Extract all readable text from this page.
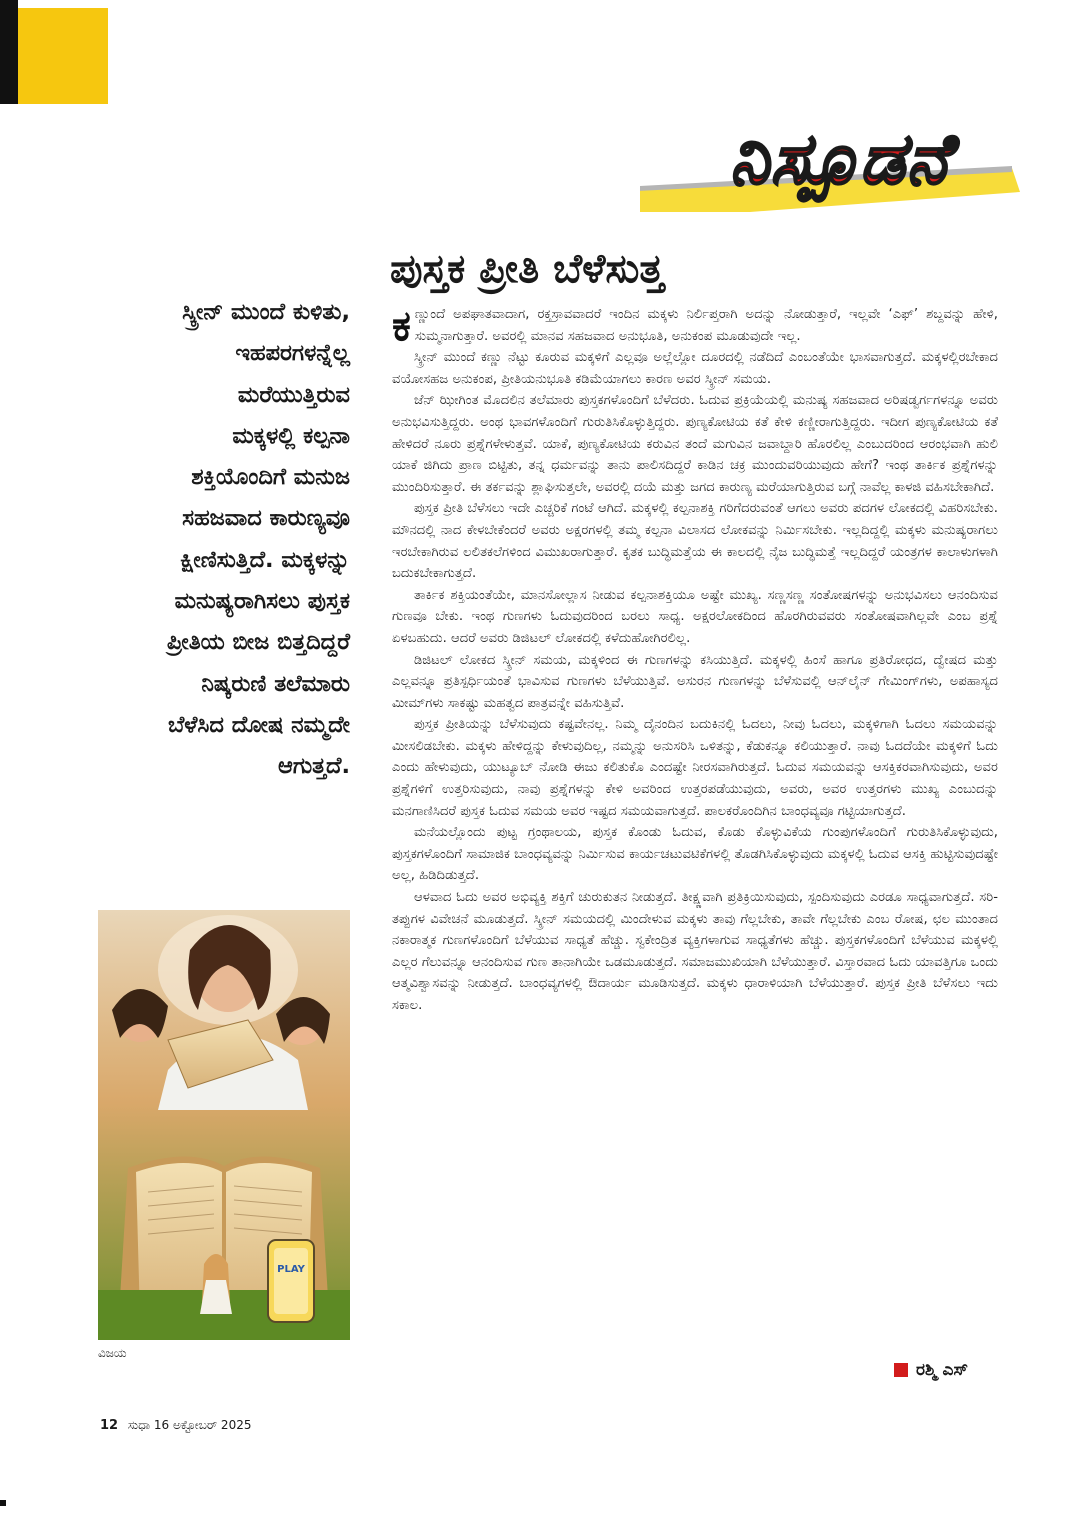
ನಿಸ್ಪೂಡನೆ
ಪುಸ್ತಕ ಪ್ರೀತಿ ಬೆಳೆಸುತ್ತ
ಸ್ಕ್ರೀನ್ ಮುಂದೆ ಕುಳಿತು,
ಇಹಪರಗಳನ್ನೆಲ್ಲ
ಮರೆಯುತ್ತಿರುವ
ಮಕ್ಕಳಲ್ಲಿ ಕಲ್ಪನಾ
ಶಕ್ತಿಯೊಂದಿಗೆ ಮನುಜ
ಸಹಜವಾದ ಕಾರುಣ್ಯವೂ
ಕ್ಷೀಣಿಸುತ್ತಿದೆ. ಮಕ್ಕಳನ್ನು
ಮನುಷ್ಯರಾಗಿಸಲು ಪುಸ್ತಕ
ಪ್ರೀತಿಯ ಬೀಜ ಬಿತ್ತದಿದ್ದರೆ
ನಿಷ್ಕರುಣಿ ತಲೆಮಾರು
ಬೆಳೆಸಿದ ದೋಷ ನಮ್ಮದೇ
ಆಗುತ್ತದೆ.

ಕ ಣ್ಣುಂದೆ ಅಪಘಾತವಾದಾಗ, ರಕ್ತಸ್ರಾವವಾದರೆ ಇಂದಿನ ಮಕ್ಕಳು ನಿರ್ಲಿಪ್ತರಾಗಿ ಅದನ್ನು ನೋಡುತ್ತಾರೆ, ಇಲ್ಲವೇ ‘ಎಫ್’ ಶಬ್ದವನ್ನು ಹೇಳಿ, ಸುಮ್ಮನಾಗುತ್ತಾರೆ. ಅವರಲ್ಲಿ ಮಾನವ ಸಹಜವಾದ ಅನುಭೂತಿ, ಅನುಕಂಪ ಮೂಡುವುದೇ ಇಲ್ಲ.

ಸ್ಕ್ರೀನ್ ಮುಂದೆ ಕಣ್ಣು ನೆಟ್ಟು ಕೂರುವ ಮಕ್ಕಳಿಗೆ ಎಲ್ಲವೂ ಅಲ್ಲೆಲ್ಲೋ ದೂರದಲ್ಲಿ ನಡೆದಿದೆ ಎಂಬಂತೆಯೇ ಭಾಸವಾಗುತ್ತದೆ. ಮಕ್ಕಳಲ್ಲಿರಬೇಕಾದ ವಯೋಸಹಜ ಅನುಕಂಪ, ಪ್ರೀತಿಯನುಭೂತಿ ಕಡಿಮೆಯಾಗಲು ಕಾರಣ ಅವರ ಸ್ಕ್ರೀನ್ ಸಮಯ.

ಜೆನ್ ಝೀಗಿಂತ ಮೊದಲಿನ ತಲೆಮಾರು ಪುಸ್ತಕಗಳೊಂದಿಗೆ ಬೆಳೆದರು. ಓದುವ ಪ್ರಕ್ರಿಯೆಯಲ್ಲಿ ಮನುಷ್ಯ ಸಹಜವಾದ ಅರಿಷಡ್ವರ್ಗಗಳನ್ನೂ ಅವರು ಅನುಭವಿಸುತ್ತಿದ್ದರು. ಅಂಥ ಭಾವಗಳೊಂದಿಗೆ ಗುರುತಿಸಿಕೊಳ್ಳುತ್ತಿದ್ದರು. ಪುಣ್ಯಕೋಟಿಯ ಕತೆ ಕೇಳಿ ಕಣ್ಣೀರಾಗುತ್ತಿದ್ದರು. ಇದೀಗ ಪುಣ್ಯಕೋಟಿಯ ಕತೆ ಹೇಳಿದರೆ ನೂರು ಪ್ರಶ್ನೆಗಳೇಳುತ್ತವೆ. ಯಾಕೆ, ಪುಣ್ಯಕೋಟಿಯ ಕರುವಿನ ತಂದೆ ಮಗುವಿನ ಜವಾಬ್ದಾರಿ ಹೊರಲಿಲ್ಲ ಎಂಬುದರಿಂದ ಆರಂಭವಾಗಿ ಹುಲಿ ಯಾಕೆ ಜಿಗಿದು ಪ್ರಾಣ ಬಿಟ್ಟಿತು, ತನ್ನ ಧರ್ಮವನ್ನು ತಾನು ಪಾಲಿಸದಿದ್ದರೆ ಕಾಡಿನ ಚಕ್ರ ಮುಂದುವರಿಯುವುದು ಹೇಗೆ? ಇಂಥ ತಾರ್ಕಿಕ ಪ್ರಶ್ನೆಗಳನ್ನು ಮುಂದಿರಿಸುತ್ತಾರೆ. ಈ ತರ್ಕವನ್ನು ಶ್ಲಾಘಿಸುತ್ತಲೇ, ಅವರಲ್ಲಿ ದಯೆ ಮತ್ತು ಜಗದ ಕಾರುಣ್ಯ ಮರೆಯಾಗುತ್ತಿರುವ ಬಗ್ಗೆ ನಾವೆಲ್ಲ ಕಾಳಜಿ ವಹಿಸಬೇಕಾಗಿದೆ.

ಪುಸ್ತಕ ಪ್ರೀತಿ ಬೆಳೆಸಲು ಇದೇ ಎಚ್ಚರಿಕೆ ಗಂಟೆ ಆಗಿದೆ. ಮಕ್ಕಳಲ್ಲಿ ಕಲ್ಪನಾಶಕ್ತಿ ಗರಿಗೆದರುವಂತೆ ಆಗಲು ಅವರು ಪದಗಳ ಲೋಕದಲ್ಲಿ ವಿಹರಿಸಬೇಕು. ಮೌನದಲ್ಲಿ ನಾದ ಕೇಳಬೇಕೆಂದರೆ ಅವರು ಅಕ್ಷರಗಳಲ್ಲಿ ತಮ್ಮ ಕಲ್ಪನಾ ವಿಲಾಸದ ಲೋಕವನ್ನು ನಿರ್ಮಿಸಬೇಕು. ಇಲ್ಲದಿದ್ದಲ್ಲಿ ಮಕ್ಕಳು ಮನುಷ್ಯರಾಗಲು ಇರಬೇಕಾಗಿರುವ ಲಲಿತಕಲೆಗಳಿಂದ ವಿಮುಖರಾಗುತ್ತಾರೆ. ಕೃತಕ ಬುದ್ಧಿಮತ್ತೆಯ ಈ ಕಾಲದಲ್ಲಿ ನೈಜ ಬುದ್ಧಿಮತ್ತೆ ಇಲ್ಲದಿದ್ದರೆ ಯಂತ್ರಗಳ ಕಾಲಾಳುಗಳಾಗಿ ಬದುಕಬೇಕಾಗುತ್ತದೆ.

ತಾರ್ಕಿಕ ಶಕ್ತಿಯಂತೆಯೇ, ಮಾನಸೋಲ್ಲಾಸ ನೀಡುವ ಕಲ್ಪನಾಶಕ್ತಿಯೂ ಅಷ್ಟೇ ಮುಖ್ಯ. ಸಣ್ಣಸಣ್ಣ ಸಂತೋಷಗಳನ್ನು ಅನುಭವಿಸಲು ಆನಂದಿಸುವ ಗುಣವೂ ಬೇಕು. ಇಂಥ ಗುಣಗಳು ಓದುವುದರಿಂದ ಬರಲು ಸಾಧ್ಯ. ಅಕ್ಷರಲೋಕದಿಂದ ಹೊರಗಿರುವವರು ಸಂತೋಷವಾಗಿಲ್ಲವೇ ಎಂಬ ಪ್ರಶ್ನೆ ಏಳಬಹುದು. ಆದರೆ ಅವರು ಡಿಜಿಟಲ್ ಲೋಕದಲ್ಲಿ ಕಳೆದುಹೋಗಿರಲಿಲ್ಲ.

ಡಿಜಿಟಲ್ ಲೋಕದ ಸ್ಕ್ರೀನ್ ಸಮಯ, ಮಕ್ಕಳಿಂದ ಈ ಗುಣಗಳನ್ನು ಕಸಿಯುತ್ತಿದೆ. ಮಕ್ಕಳಲ್ಲಿ ಹಿಂಸೆ ಹಾಗೂ ಪ್ರತಿರೋಧದ, ದ್ವೇಷದ ಮತ್ತು ಎಲ್ಲವನ್ನೂ ಪ್ರತಿಸ್ಪರ್ಧಿಯಂತೆ ಭಾವಿಸುವ ಗುಣಗಳು ಬೆಳೆಯುತ್ತಿವೆ. ಅಸುರನ ಗುಣಗಳನ್ನು ಬೆಳೆಸುವಲ್ಲಿ ಆನ್‌ಲೈನ್ ಗೇಮಿಂಗ್‌ಗಳು, ಅಪಹಾಸ್ಯದ ಮೀಮ್‌ಗಳು ಸಾಕಷ್ಟು ಮಹತ್ವದ ಪಾತ್ರವನ್ನೇ ವಹಿಸುತ್ತಿವೆ.

ಪುಸ್ತಕ ಪ್ರೀತಿಯನ್ನು ಬೆಳೆಸುವುದು ಕಷ್ಟವೇನಲ್ಲ. ನಿಮ್ಮ ದೈನಂದಿನ ಬದುಕಿನಲ್ಲಿ ಓದಲು, ನೀವು ಓದಲು, ಮಕ್ಕಳಿಗಾಗಿ ಓದಲು ಸಮಯವನ್ನು ಮೀಸಲಿಡಬೇಕು. ಮಕ್ಕಳು ಹೇಳಿದ್ದನ್ನು ಕೇಳುವುದಿಲ್ಲ, ನಮ್ಮನ್ನು ಅನುಸರಿಸಿ ಒಳಿತನ್ನು, ಕೆಡುಕನ್ನೂ ಕಲಿಯುತ್ತಾರೆ. ನಾವು ಓದದೆಯೇ ಮಕ್ಕಳಿಗೆ ಓದು ಎಂದು ಹೇಳುವುದು, ಯುಟ್ಯೂಬ್ ನೋಡಿ ಈಜು ಕಲಿತುಕೊ ಎಂದಷ್ಟೇ ನೀರಸವಾಗಿರುತ್ತದೆ. ಓದುವ ಸಮಯವನ್ನು ಆಸಕ್ತಿಕರವಾಗಿಸುವುದು, ಅವರ ಪ್ರಶ್ನೆಗಳಿಗೆ ಉತ್ತರಿಸುವುದು, ನಾವು ಪ್ರಶ್ನೆಗಳನ್ನು ಕೇಳಿ ಅವರಿಂದ ಉತ್ತರಪಡೆಯುವುದು, ಅವರು, ಅವರ ಉತ್ತರಗಳು ಮುಖ್ಯ ಎಂಬುದನ್ನು ಮನಗಾಣಿಸಿದರೆ ಪುಸ್ತಕ ಓದುವ ಸಮಯ ಅವರ ಇಷ್ಟದ ಸಮಯವಾಗುತ್ತದೆ. ಪಾಲಕರೊಂದಿಗಿನ ಬಾಂಧವ್ಯವೂ ಗಟ್ಟಿಯಾಗುತ್ತದೆ.

ಮನೆಯಲ್ಲೊಂದು ಪುಟ್ಟ ಗ್ರಂಥಾಲಯ, ಪುಸ್ತಕ ಕೊಂಡು ಓದುವ, ಕೊಡು ಕೊಳ್ಳುವಿಕೆಯ ಗುಂಪುಗಳೊಂದಿಗೆ ಗುರುತಿಸಿಕೊಳ್ಳುವುದು, ಪುಸ್ತಕಗಳೊಂದಿಗೆ ಸಾಮಾಜಿಕ ಬಾಂಧವ್ಯವನ್ನು ನಿರ್ಮಿಸುವ ಕಾರ್ಯಚಟುವಟಿಕೆಗಳಲ್ಲಿ ತೊಡಗಿಸಿಕೊಳ್ಳುವುದು ಮಕ್ಕಳಲ್ಲಿ ಓದುವ ಆಸಕ್ತಿ ಹುಟ್ಟಿಸುವುದಷ್ಟೇ ಅಲ್ಲ, ಹಿಡಿದಿಡುತ್ತದೆ.

ಆಳವಾದ ಓದು ಅವರ ಅಭಿವ್ಯಕ್ತಿ ಶಕ್ತಿಗೆ ಚುರುಕುತನ ನೀಡುತ್ತದೆ. ತೀಕ್ಷ್ಣವಾಗಿ ಪ್ರತಿಕ್ರಿಯಿಸುವುದು, ಸ್ಪಂದಿಸುವುದು ಎರಡೂ ಸಾಧ್ಯವಾಗುತ್ತದೆ. ಸರಿ-ತಪ್ಪುಗಳ ವಿವೇಚನೆ ಮೂಡುತ್ತದೆ. ಸ್ಕ್ರೀನ್ ಸಮಯದಲ್ಲಿ ಮಿಂದೇಳುವ ಮಕ್ಕಳು ತಾವು ಗೆಲ್ಲಬೇಕು, ತಾವೇ ಗೆಲ್ಲಬೇಕು ಎಂಬ ರೋಷ, ಛಲ ಮುಂತಾದ ನಕಾರಾತ್ಮಕ ಗುಣಗಳೊಂದಿಗೆ ಬೆಳೆಯುವ ಸಾಧ್ಯತೆ ಹೆಚ್ಚು. ಸ್ವಕೇಂದ್ರಿತ ವ್ಯಕ್ತಿಗಳಾಗುವ ಸಾಧ್ಯತೆಗಳು ಹೆಚ್ಚು. ಪುಸ್ತಕಗಳೊಂದಿಗೆ ಬೆಳೆಯುವ ಮಕ್ಕಳಲ್ಲಿ ಎಲ್ಲರ ಗೆಲುವನ್ನೂ ಆನಂದಿಸುವ ಗುಣ ತಾನಾಗಿಯೇ ಒಡಮೂಡುತ್ತದೆ. ಸಮಾಜಮುಖಿಯಾಗಿ ಬೆಳೆಯುತ್ತಾರೆ. ವಿಸ್ತಾರವಾದ ಓದು ಯಾವತ್ತಿಗೂ ಒಂದು ಆತ್ಮವಿಶ್ವಾಸವನ್ನು ನೀಡುತ್ತದೆ. ಬಾಂಧವ್ಯಗಳಲ್ಲಿ ಔದಾರ್ಯ ಮೂಡಿಸುತ್ತದೆ. ಮಕ್ಕಳು ಧಾರಾಳಿಯಾಗಿ ಬೆಳೆಯುತ್ತಾರೆ. ಪುಸ್ತಕ ಪ್ರೀತಿ ಬೆಳೆಸಲು ಇದು ಸಕಾಲ.

PLAY
ವಿಜಯ
ರಶ್ಮಿ ಎಸ್
12 ಸುಧಾ 16 ಅಕ್ಟೋಬರ್ 2025
